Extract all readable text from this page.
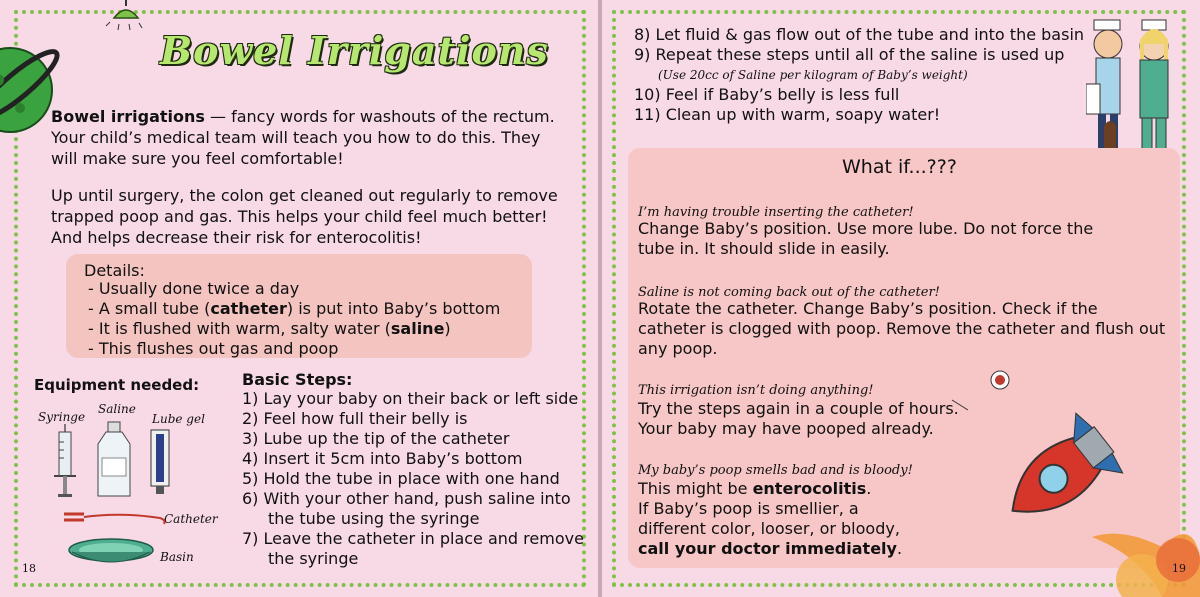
Bowel Irrigations
Bowel irrigations — fancy words for washouts of the rectum. Your child’s medical team will teach you how to do this. They will make sure you feel comfortable!
Up until surgery, the colon get cleaned out regularly to remove trapped poop and gas. This helps your child feel much better! And helps decrease their risk for enterocolitis!
Details:
- Usually done twice a day
- A small tube (catheter) is put into Baby’s bottom
- It is flushed with warm, salty water (saline)
- This flushes out gas and poop
Equipment needed:
Syringe
Saline
Lube gel
Catheter
Basin
Basic Steps:
1) Lay your baby on their back or left side
2) Feel how full their belly is
3) Lube up the tip of the catheter
4) Insert it 5cm into Baby’s bottom
5) Hold the tube in place with one hand
6) With your other hand, push saline into
the tube using the syringe
7) Leave the catheter in place and remove
the syringe
18
8) Let fluid & gas flow out of the tube and into the basin
9) Repeat these steps until all of the saline is used up
(Use 20cc of Saline per kilogram of Baby’s weight)
10) Feel if Baby’s belly is less full
11) Clean up with warm, soapy water!
What if...???
I’m having trouble inserting the catheter!
Change Baby’s position. Use more lube. Do not force the
tube in. It should slide in easily.
Saline is not coming back out of the catheter!
Rotate the catheter. Change Baby’s position. Check if the
catheter is clogged with poop. Remove the catheter and flush out
any poop.
This irrigation isn’t doing anything!
Try the steps again in a couple of hours.
Your baby may have pooped already.
My baby’s poop smells bad and is bloody!
This might be enterocolitis.
If Baby’s poop is smellier, a
different color, looser, or bloody,
call your doctor immediately.
19
